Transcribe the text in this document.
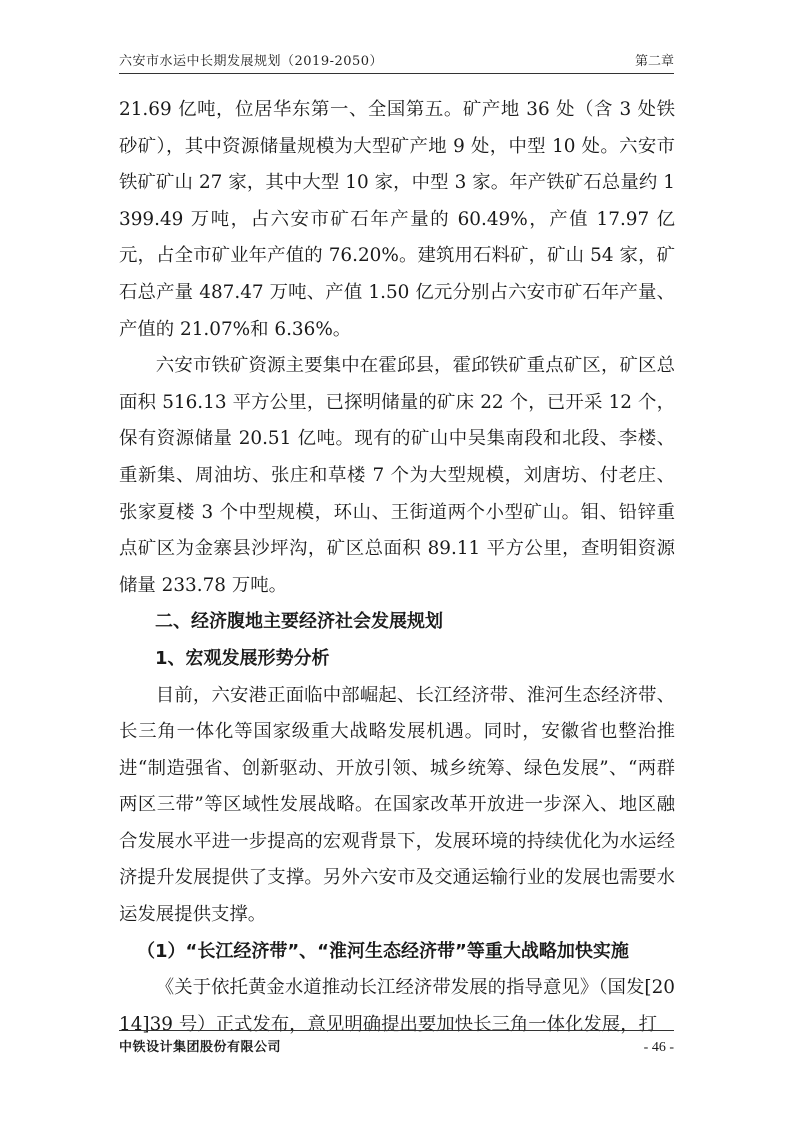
六安市水运中长期发展规划（2019-2050）	第二章

21.69 亿吨，位居华东第一、全国第五。矿产地 36 处（含 3 处铁砂矿），其中资源储量规模为大型矿产地 9 处，中型 10 处。六安市铁矿矿山 27 家，其中大型 10 家，中型 3 家。年产铁矿石总量约 1399.49 万吨，占六安市矿石年产量的 60.49%，产值 17.97 亿元，占全市矿业年产值的 76.20%。建筑用石料矿，矿山 54 家，矿石总产量 487.47 万吨、产值 1.50 亿元分别占六安市矿石年产量、产值的 21.07%和 6.36%。

六安市铁矿资源主要集中在霍邱县，霍邱铁矿重点矿区，矿区总面积 516.13 平方公里，已探明储量的矿床 22 个，已开采 12 个，保有资源储量 20.51 亿吨。现有的矿山中吴集南段和北段、李楼、重新集、周油坊、张庄和草楼 7 个为大型规模，刘唐坊、付老庄、张家夏楼 3 个中型规模，环山、王街道两个小型矿山。钼、铅锌重点矿区为金寨县沙坪沟，矿区总面积 89.11 平方公里，查明钼资源储量 233.78 万吨。

二、经济腹地主要经济社会发展规划

1、宏观发展形势分析

目前，六安港正面临中部崛起、长江经济带、淮河生态经济带、长三角一体化等国家级重大战略发展机遇。同时，安徽省也整治推进“制造强省、创新驱动、开放引领、城乡统筹、绿色发展”、“两群两区三带”等区域性发展战略。在国家改革开放进一步深入、地区融合发展水平进一步提高的宏观背景下，发展环境的持续优化为水运经济提升发展提供了支撑。另外六安市及交通运输行业的发展也需要水运发展提供支撑。

（1）“长江经济带”、“淮河生态经济带”等重大战略加快实施

《关于依托黄金水道推动长江经济带发展的指导意见》（国发[2014]39 号）正式发布，意见明确提出要加快长三角一体化发展，打

中铁设计集团股份有限公司	- 46 -
